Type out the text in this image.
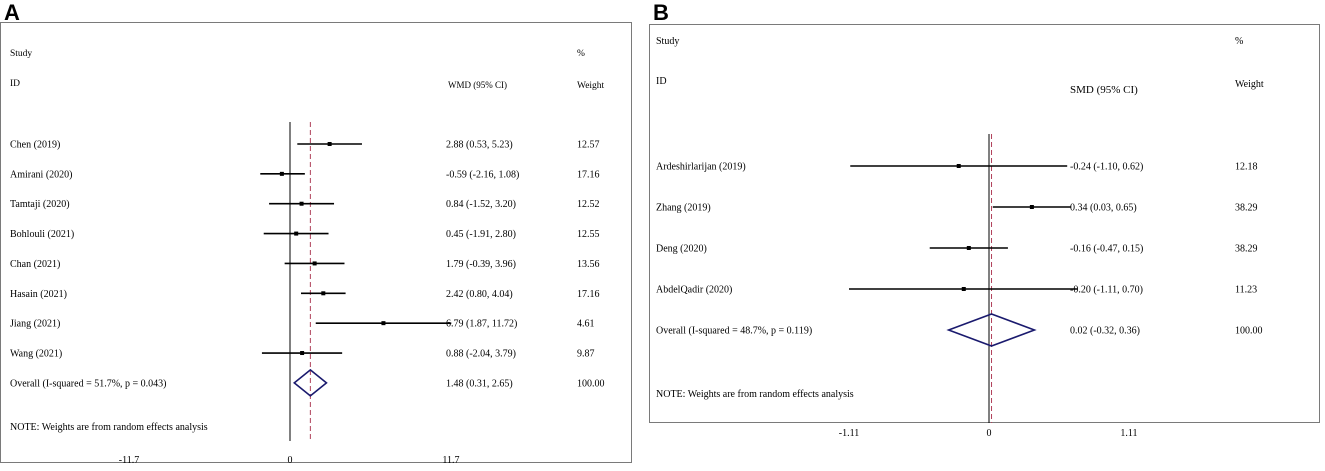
A
Study
ID	WMD (95% CI)
%
Weight
Chen (2019)	2.88 (0.53, 5.23)	12.57
Amirani (2020)	-0.59 (-2.16, 1.08)	17.16
Tamtaji (2020)	0.84 (-1.52, 3.20)	12.52
Bohlouli (2021)	0.45 (-1.91, 2.80)	12.55
Chan (2021)	1.79 (-0.39, 3.96)	13.56
Hasain (2021)	2.42 (0.80, 4.04)	17.16
Jiang (2021)	6.79 (1.87, 11.72)	4.61
Wang (2021)	0.88 (-2.04, 3.79)	9.87
Overall (I-squared = 51.7%, p = 0.043)	1.48 (0.31, 2.65)	100.00
NOTE: Weights are from random effects analysis
-11.7	0	11.7
B
Study
ID
SMD (95% CI)
%
Weight
Ardeshirlarijan (2019)	-0.24 (-1.10, 0.62)	12.18
Zhang (2019)	0.34 (0.03, 0.65)	38.29
Deng (2020)	-0.16 (-0.47, 0.15)	38.29
AbdelQadir (2020)	-0.20 (-1.11, 0.70)	11.23
Overall (I-squared = 48.7%, p = 0.119)	0.02 (-0.32, 0.36)	100.00
NOTE: Weights are from random effects analysis
-1.11	0	1.11
